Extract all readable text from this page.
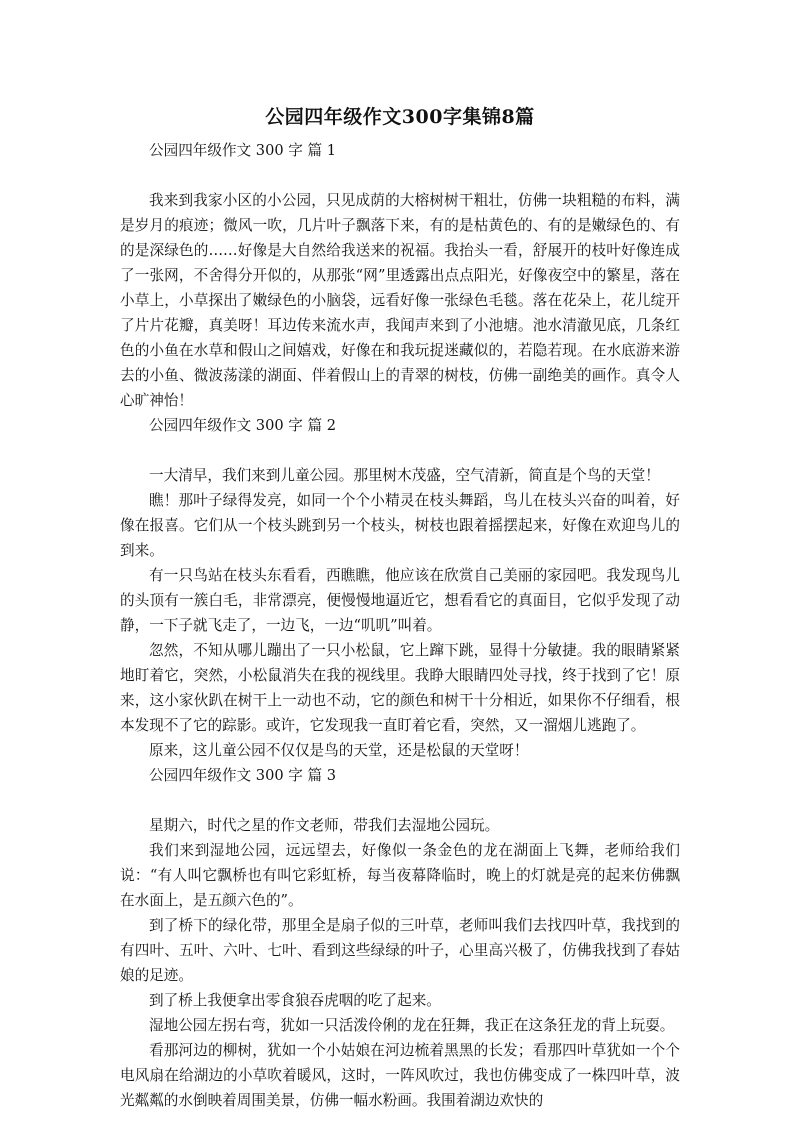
公园四年级作文300字集锦8篇

公园四年级作文 300 字 篇 1

我来到我家小区的小公园，只见成荫的大榕树树干粗壮，仿佛一块粗糙的布料，满是岁月的痕迹；微风一吹，几片叶子飘落下来，有的是枯黄色的、有的是嫩绿色的、有的是深绿色的……好像是大自然给我送来的祝福。我抬头一看，舒展开的枝叶好像连成了一张网，不舍得分开似的，从那张“网”里透露出点点阳光，好像夜空中的繁星，落在小草上，小草探出了嫩绿色的小脑袋，远看好像一张绿色毛毯。落在花朵上，花儿绽开了片片花瓣，真美呀！耳边传来流水声，我闻声来到了小池塘。池水清澈见底，几条红色的小鱼在水草和假山之间嬉戏，好像在和我玩捉迷藏似的，若隐若现。在水底游来游去的小鱼、微波荡漾的湖面、伴着假山上的青翠的树枝，仿佛一副绝美的画作。真令人心旷神怡！

公园四年级作文 300 字 篇 2

一大清早，我们来到儿童公园。那里树木茂盛，空气清新，简直是个鸟的天堂！

瞧！那叶子绿得发亮，如同一个个小精灵在枝头舞蹈，鸟儿在枝头兴奋的叫着，好像在报喜。它们从一个枝头跳到另一个枝头，树枝也跟着摇摆起来，好像在欢迎鸟儿的到来。

有一只鸟站在枝头东看看，西瞧瞧，他应该在欣赏自己美丽的家园吧。我发现鸟儿的头顶有一簇白毛，非常漂亮，便慢慢地逼近它，想看看它的真面目，它似乎发现了动静，一下子就飞走了，一边飞，一边“叽叽”叫着。

忽然，不知从哪儿蹦出了一只小松鼠，它上蹿下跳，显得十分敏捷。我的眼睛紧紧地盯着它，突然，小松鼠消失在我的视线里。我睁大眼睛四处寻找，终于找到了它！原来，这小家伙趴在树干上一动也不动，它的颜色和树干十分相近，如果你不仔细看，根本发现不了它的踪影。或许，它发现我一直盯着它看，突然，又一溜烟儿逃跑了。

原来，这儿童公园不仅仅是鸟的天堂，还是松鼠的天堂呀！

公园四年级作文 300 字 篇 3

星期六，时代之星的作文老师，带我们去湿地公园玩。

我们来到湿地公园，远远望去，好像似一条金色的龙在湖面上飞舞，老师给我们说：“有人叫它飘桥也有叫它彩虹桥，每当夜幕降临时，晚上的灯就是亮的起来仿佛飘在水面上，是五颜六色的”。

到了桥下的绿化带，那里全是扇子似的三叶草，老师叫我们去找四叶草，我找到的有四叶、五叶、六叶、七叶、看到这些绿绿的叶子，心里高兴极了，仿佛我找到了春姑娘的足迹。

到了桥上我便拿出零食狼吞虎咽的吃了起来。

湿地公园左拐右弯，犹如一只活泼伶俐的龙在狂舞，我正在这条狂龙的背上玩耍。

看那河边的柳树，犹如一个小姑娘在河边梳着黑黑的长发；看那四叶草犹如一个个电风扇在给湖边的小草吹着暖风，这时，一阵风吹过，我也仿佛变成了一株四叶草，波光粼粼的水倒映着周围美景，仿佛一幅水粉画。我围着湖边欢快的
